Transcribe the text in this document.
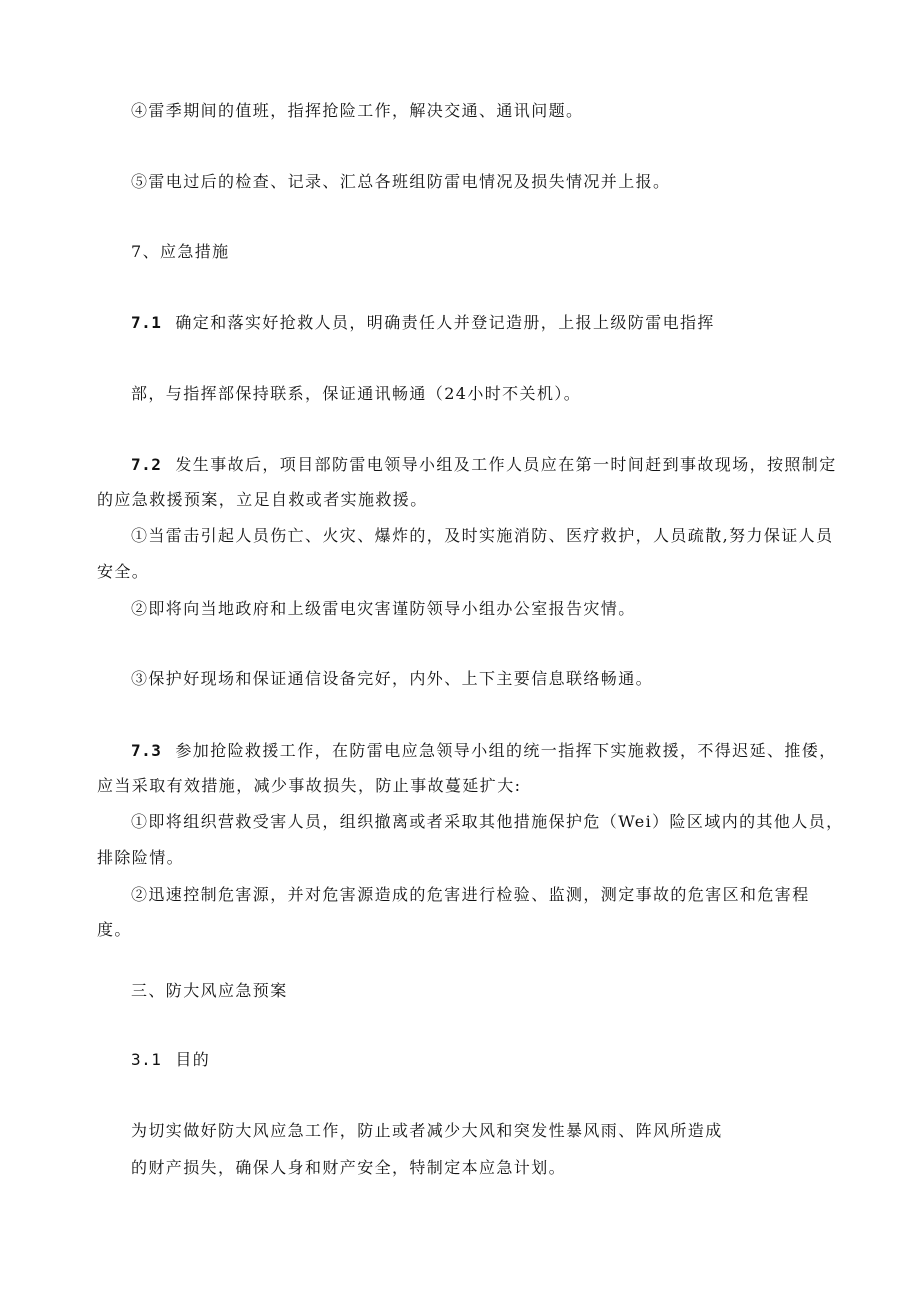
④雷季期间的值班，指挥抢险工作，解决交通、通讯问题。

⑤雷电过后的检查、记录、汇总各班组防雷电情况及损失情况并上报。

7、应急措施

7.1 确定和落实好抢救人员，明确责任人并登记造册，上报上级防雷电指挥

部，与指挥部保持联系，保证通讯畅通（24小时不关机）。

7.2 发生事故后，项目部防雷电领导小组及工作人员应在第一时间赶到事故现场，按照制定

的应急救援预案，立足自救或者实施救援。

①当雷击引起人员伤亡、火灾、爆炸的，及时实施消防、医疗救护，人员疏散,努力保证人员

安全。

②即将向当地政府和上级雷电灾害谨防领导小组办公室报告灾情。

③保护好现场和保证通信设备完好，内外、上下主要信息联络畅通。

7.3 参加抢险救援工作，在防雷电应急领导小组的统一指挥下实施救援，不得迟延、推倭，

应当采取有效措施，减少事故损失，防止事故蔓延扩大:

①即将组织营救受害人员，组织撤离或者采取其他措施保护危（Wei）险区域内的其他人员，

排除险情。

②迅速控制危害源，并对危害源造成的危害进行检验、监测，测定事故的危害区和危害程

度。

三、防大风应急预案

3.1 目的

为切实做好防大风应急工作，防止或者减少大风和突发性暴风雨、阵风所造成

的财产损失，确保人身和财产安全，特制定本应急计划。
